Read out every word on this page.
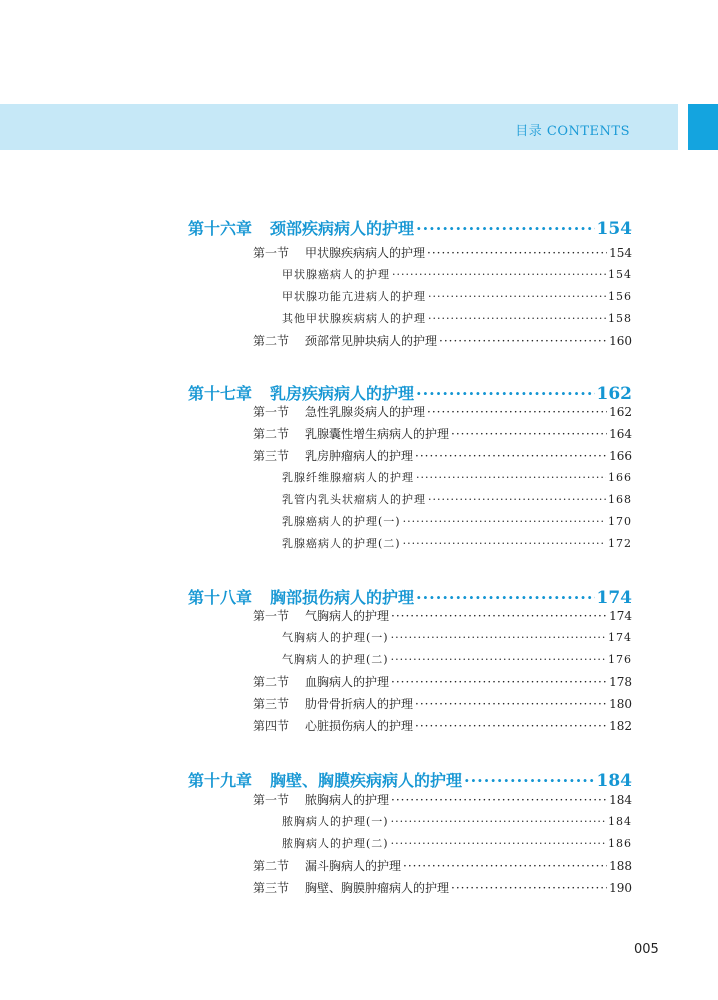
目录 CONTENTS
第十六章 颈部疾病病人的护理 ·····	154
第一节 甲状腺疾病病人的护理 ·····	154
甲状腺癌病人的护理 ·····	154
甲状腺功能亢进病人的护理 ·····	156
其他甲状腺疾病病人的护理 ·····	158
第二节 颈部常见肿块病人的护理 ·····	160
第十七章 乳房疾病病人的护理 ·····	162
第一节 急性乳腺炎病人的护理 ·····	162
第二节 乳腺囊性增生病病人的护理 ·····	164
第三节 乳房肿瘤病人的护理 ·····	166
乳腺纤维腺瘤病人的护理 ·····	166
乳管内乳头状瘤病人的护理 ·····	168
乳腺癌病人的护理(一) ·····	170
乳腺癌病人的护理(二) ·····	172
第十八章 胸部损伤病人的护理 ·····	174
第一节 气胸病人的护理 ·····	174
气胸病人的护理(一) ·····	174
气胸病人的护理(二) ·····	176
第二节 血胸病人的护理 ·····	178
第三节 肋骨骨折病人的护理 ·····	180
第四节 心脏损伤病人的护理 ·····	182
第十九章 胸壁、胸膜疾病病人的护理 ·····	184
第一节 脓胸病人的护理 ·····	184
脓胸病人的护理(一) ·····	184
脓胸病人的护理(二) ·····	186
第二节 漏斗胸病人的护理 ·····	188
第三节 胸壁、胸膜肿瘤病人的护理 ·····	190
005
